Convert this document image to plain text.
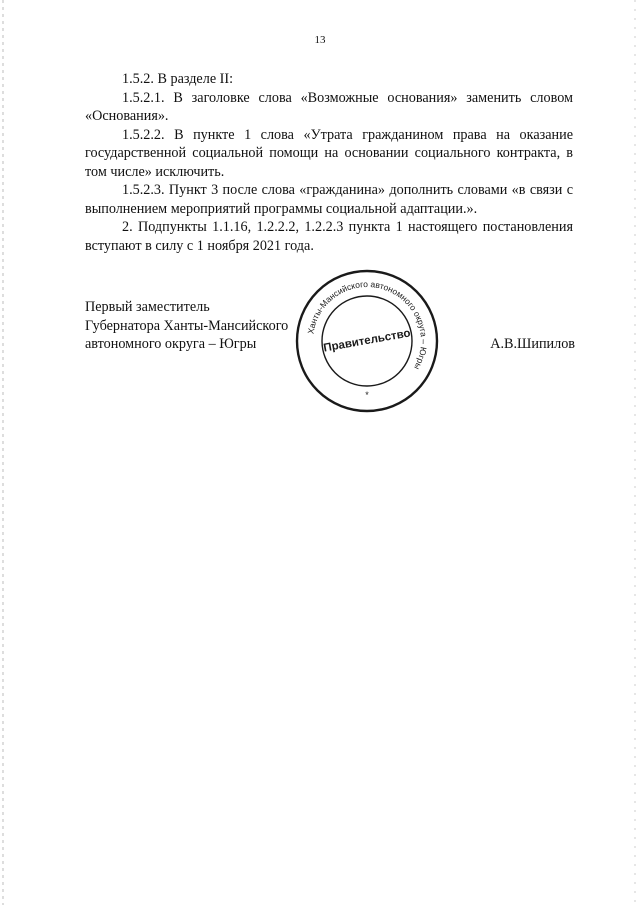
13

1.5.2. В разделе II:

1.5.2.1. В заголовке слова «Возможные основания» заменить словом «Основания».

1.5.2.2. В пункте 1 слова «Утрата гражданином права на оказание государственной социальной помощи на основании социального контракта, в том числе» исключить.

1.5.2.3. Пункт 3 после слова «гражданина» дополнить словами «в связи с выполнением мероприятий программы социальной адаптации.».

2. Подпункты 1.1.16, 1.2.2.2, 1.2.2.3 пункта 1 настоящего постановления вступают в силу с 1 ноября 2021 года.

Первый заместитель
Губернатора Ханты-Мансийского
автономного округа – Югры	А.В.Шипилов
Ханты-Мансийского автономного округа – Югры
Правительство
*
